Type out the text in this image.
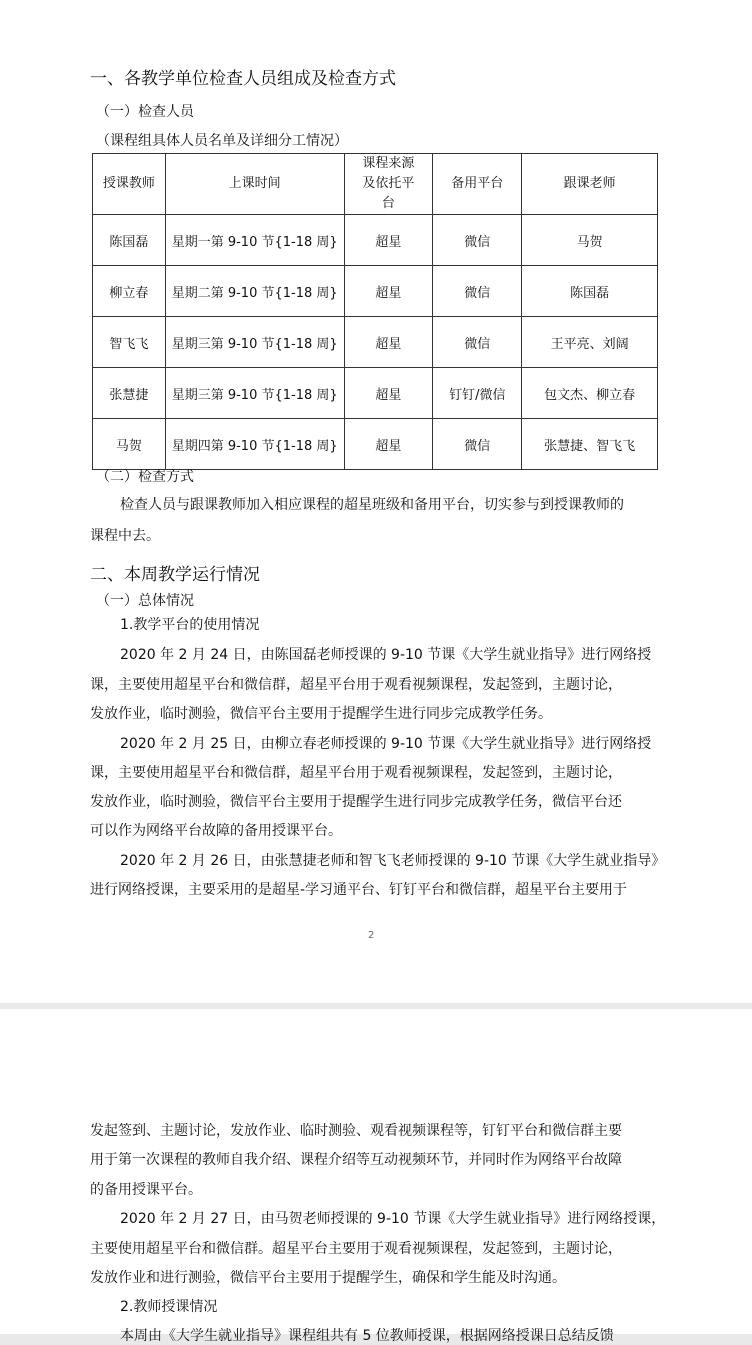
一、各教学单位检查人员组成及检查方式
（一）检查人员
（课程组具体人员名单及详细分工情况）
授课教师	上课时间	课程来源及依托平台	备用平台	跟课老师
陈国磊	星期一第 9-10 节{1-18 周}	超星	微信	马贺
柳立春	星期二第 9-10 节{1-18 周}	超星	微信	陈国磊
智飞飞	星期三第 9-10 节{1-18 周}	超星	微信	王平亮、刘阔
张慧捷	星期三第 9-10 节{1-18 周}	超星	钉钉/微信	包文杰、柳立春
马贺	星期四第 9-10 节{1-18 周}	超星	微信	张慧捷、智飞飞
（二）检查方式
检查人员与跟课教师加入相应课程的超星班级和备用平台，切实参与到授课教师的
课程中去。
二、本周教学运行情况
（一）总体情况
1.教学平台的使用情况
2020 年 2 月 24 日，由陈国磊老师授课的 9-10 节课《大学生就业指导》进行网络授
课，主要使用超星平台和微信群，超星平台用于观看视频课程，发起签到，主题讨论，
发放作业，临时测验，微信平台主要用于提醒学生进行同步完成教学任务。
2020 年 2 月 25 日，由柳立春老师授课的 9-10 节课《大学生就业指导》进行网络授
课，主要使用超星平台和微信群，超星平台用于观看视频课程，发起签到，主题讨论，
发放作业，临时测验，微信平台主要用于提醒学生进行同步完成教学任务，微信平台还
可以作为网络平台故障的备用授课平台。
2020 年 2 月 26 日，由张慧捷老师和智飞飞老师授课的 9-10 节课《大学生就业指导》
进行网络授课，主要采用的是超星-学习通平台、钉钉平台和微信群，超星平台主要用于
2
发起签到、主题讨论，发放作业、临时测验、观看视频课程等，钉钉平台和微信群主要
用于第一次课程的教师自我介绍、课程介绍等互动视频环节，并同时作为网络平台故障
的备用授课平台。
2020 年 2 月 27 日，由马贺老师授课的 9-10 节课《大学生就业指导》进行网络授课，
主要使用超星平台和微信群。超星平台主要用于观看视频课程，发起签到，主题讨论，
发放作业和进行测验，微信平台主要用于提醒学生，确保和学生能及时沟通。
2.教师授课情况
本周由《大学生就业指导》课程组共有 5 位教师授课，根据网络授课日总结反馈
